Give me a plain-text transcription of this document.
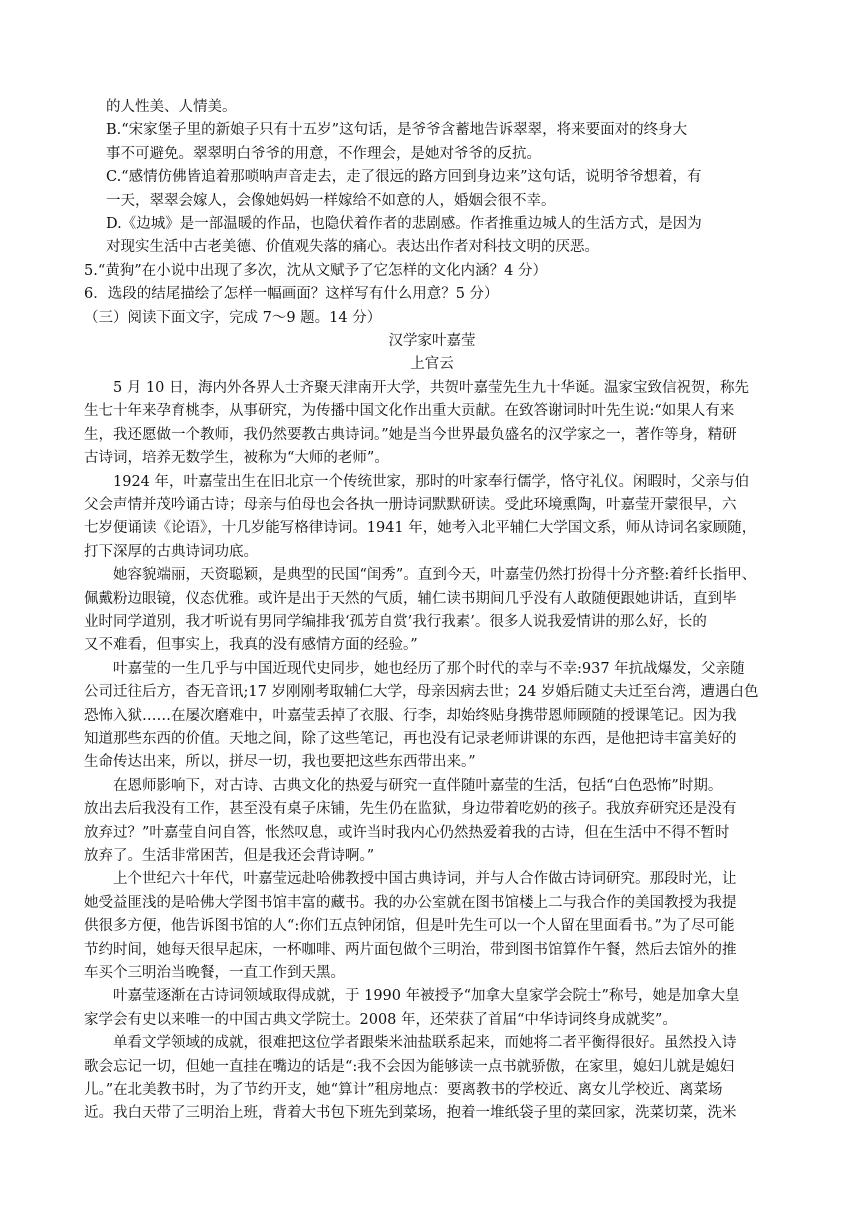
的人性美、人情美。

B.“宋家堡子里的新娘子只有十五岁”这句话，是爷爷含蓄地告诉翠翠，将来要面对的终身大

事不可避免。翠翠明白爷爷的用意，不作理会，是她对爷爷的反抗。

C.“感情仿佛皆追着那唢呐声音走去，走了很远的路方回到身边来”这句话，说明爷爷想着，有

一天，翠翠会嫁人，会像她妈妈一样嫁给不如意的人，婚姻会很不幸。

D.《边城》是一部温暖的作品，也隐伏着作者的悲剧感。作者推重边城人的生活方式，是因为

对现实生活中古老美德、价值观失落的痛心。表达出作者对科技文明的厌恶。

5.“黄狗”在小说中出现了多次，沈从文赋予了它怎样的文化内涵？4 分）

6．选段的结尾描绘了怎样一幅画面？这样写有什么用意？5 分）

（三）阅读下面文字，完成 7～9 题。14 分）

汉学家叶嘉莹

上官云

5 月 10 日，海内外各界人士齐聚天津南开大学，共贺叶嘉莹先生九十华诞。温家宝致信祝贺，称先

生七十年来孕育桃李，从事研究，为传播中国文化作出重大贡献。在致答谢词时叶先生说:“如果人有来

生，我还愿做一个教师，我仍然要教古典诗词。”她是当今世界最负盛名的汉学家之一，著作等身，精研

古诗词，培养无数学生，被称为“大师的老师”。

1924 年，叶嘉莹出生在旧北京一个传统世家，那时的叶家奉行儒学，恪守礼仪。闲暇时，父亲与伯

父会声情并茂吟诵古诗；母亲与伯母也会各执一册诗词默默研读。受此环境熏陶，叶嘉莹开蒙很早，六

七岁便诵读《论语》，十几岁能写格律诗词。1941 年，她考入北平辅仁大学国文系，师从诗词名家顾随，

打下深厚的古典诗词功底。

她容貌端丽，天资聪颖，是典型的民国“闺秀”。直到今天，叶嘉莹仍然打扮得十分齐整:着纤长指甲、

佩戴粉边眼镜，仪态优雅。或许是出于天然的气质，辅仁读书期间几乎没有人敢随便跟她讲话，直到毕

业时同学道别，我才听说有男同学编排我‘孤芳自赏’我行我素’。很多人说我爱情讲的那么好，长的

又不难看，但事实上，我真的没有感情方面的经验。”

叶嘉莹的一生几乎与中国近现代史同步，她也经历了那个时代的幸与不幸:937 年抗战爆发，父亲随

公司迁往后方，杳无音讯;17 岁刚刚考取辅仁大学，母亲因病去世；24 岁婚后随丈夫迁至台湾，遭遇白色

恐怖入狱……在屡次磨难中，叶嘉莹丢掉了衣服、行李，却始终贴身携带恩师顾随的授课笔记。因为我

知道那些东西的价值。天地之间，除了这些笔记，再也没有记录老师讲课的东西，是他把诗丰富美好的

生命传达出来，所以，拼尽一切，我也要把这些东西带出来。”

在恩师影响下，对古诗、古典文化的热爱与研究一直伴随叶嘉莹的生活，包括“白色恐怖”时期。

放出去后我没有工作，甚至没有桌子床铺，先生仍在监狱，身边带着吃奶的孩子。我放弃研究还是没有

放弃过？”叶嘉莹自问自答，怅然叹息，或许当时我内心仍然热爱着我的古诗，但在生活中不得不暂时

放弃了。生活非常困苦，但是我还会背诗啊。”

上个世纪六十年代，叶嘉莹远赴哈佛教授中国古典诗词，并与人合作做古诗词研究。那段时光，让

她受益匪浅的是哈佛大学图书馆丰富的藏书。我的办公室就在图书馆楼上二与我合作的美国教授为我提

供很多方便，他告诉图书馆的人“:你们五点钟闭馆，但是叶先生可以一个人留在里面看书。”为了尽可能

节约时间，她每天很早起床，一杯咖啡、两片面包做个三明治，带到图书馆算作午餐，然后去馆外的推

车买个三明治当晚餐，一直工作到天黑。

叶嘉莹逐渐在古诗词领域取得成就，于 1990 年被授予“加拿大皇家学会院士”称号，她是加拿大皇

家学会有史以来唯一的中国古典文学院士。2008 年，还荣获了首届“中华诗词终身成就奖”。

单看文学领域的成就，很难把这位学者跟柴米油盐联系起来，而她将二者平衡得很好。虽然投入诗

歌会忘记一切，但她一直挂在嘴边的话是“:我不会因为能够读一点书就骄傲，在家里，媳妇儿就是媳妇

儿。”在北美教书时，为了节约开支，她“算计”租房地点：要离教书的学校近、离女儿学校近、离菜场

近。我白天带了三明治上班，背着大书包下班先到菜场，抱着一堆纸袋子里的菜回家，洗菜切菜，洗米
